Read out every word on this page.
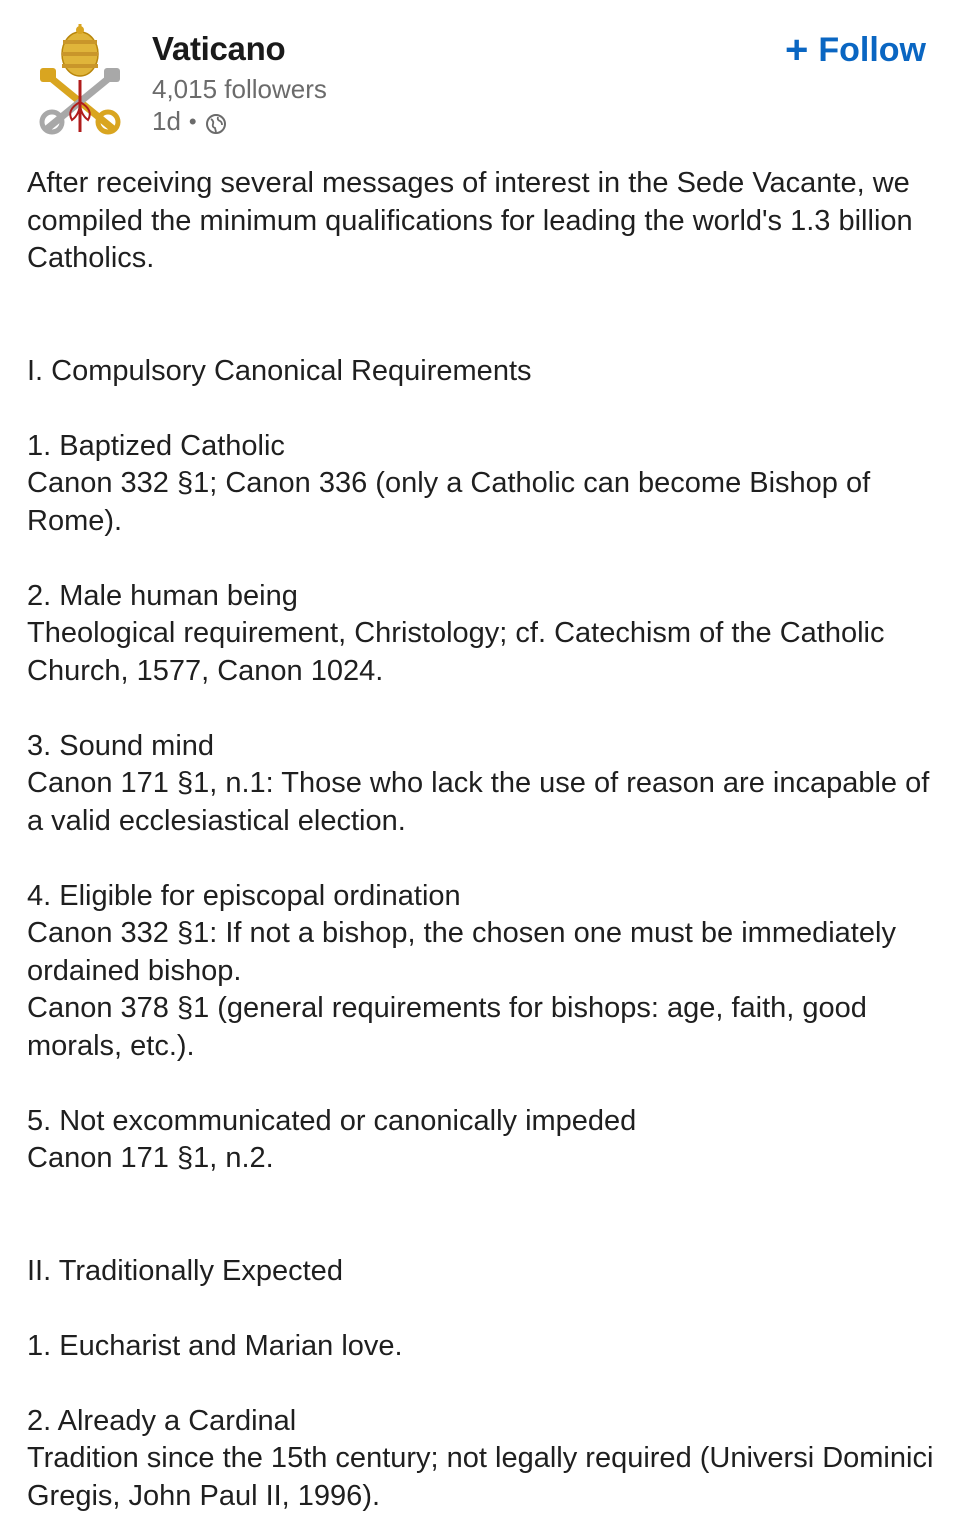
Vaticano
4,015 followers
1d •
+ Follow

After receiving several messages of interest in the Sede Vacante, we compiled the minimum qualifications for leading the world's 1.3 billion Catholics.

I. Compulsory Canonical Requirements

1. Baptized Catholic

Canon 332 §1; Canon 336 (only a Catholic can become Bishop of Rome).

2. Male human being

Theological requirement, Christology; cf. Catechism of the Catholic Church, 1577, Canon 1024.

3. Sound mind

Canon 171 §1, n.1: Those who lack the use of reason are incapable of a valid ecclesiastical election.

4. Eligible for episcopal ordination

Canon 332 §1: If not a bishop, the chosen one must be immediately ordained bishop.

Canon 378 §1 (general requirements for bishops: age, faith, good morals, etc.).

5. Not excommunicated or canonically impeded

Canon 171 §1, n.2.

II. Traditionally Expected

1. Eucharist and Marian love.

2. Already a Cardinal

Tradition since the 15th century; not legally required (Universi Dominici Gregis, John Paul II, 1996).
